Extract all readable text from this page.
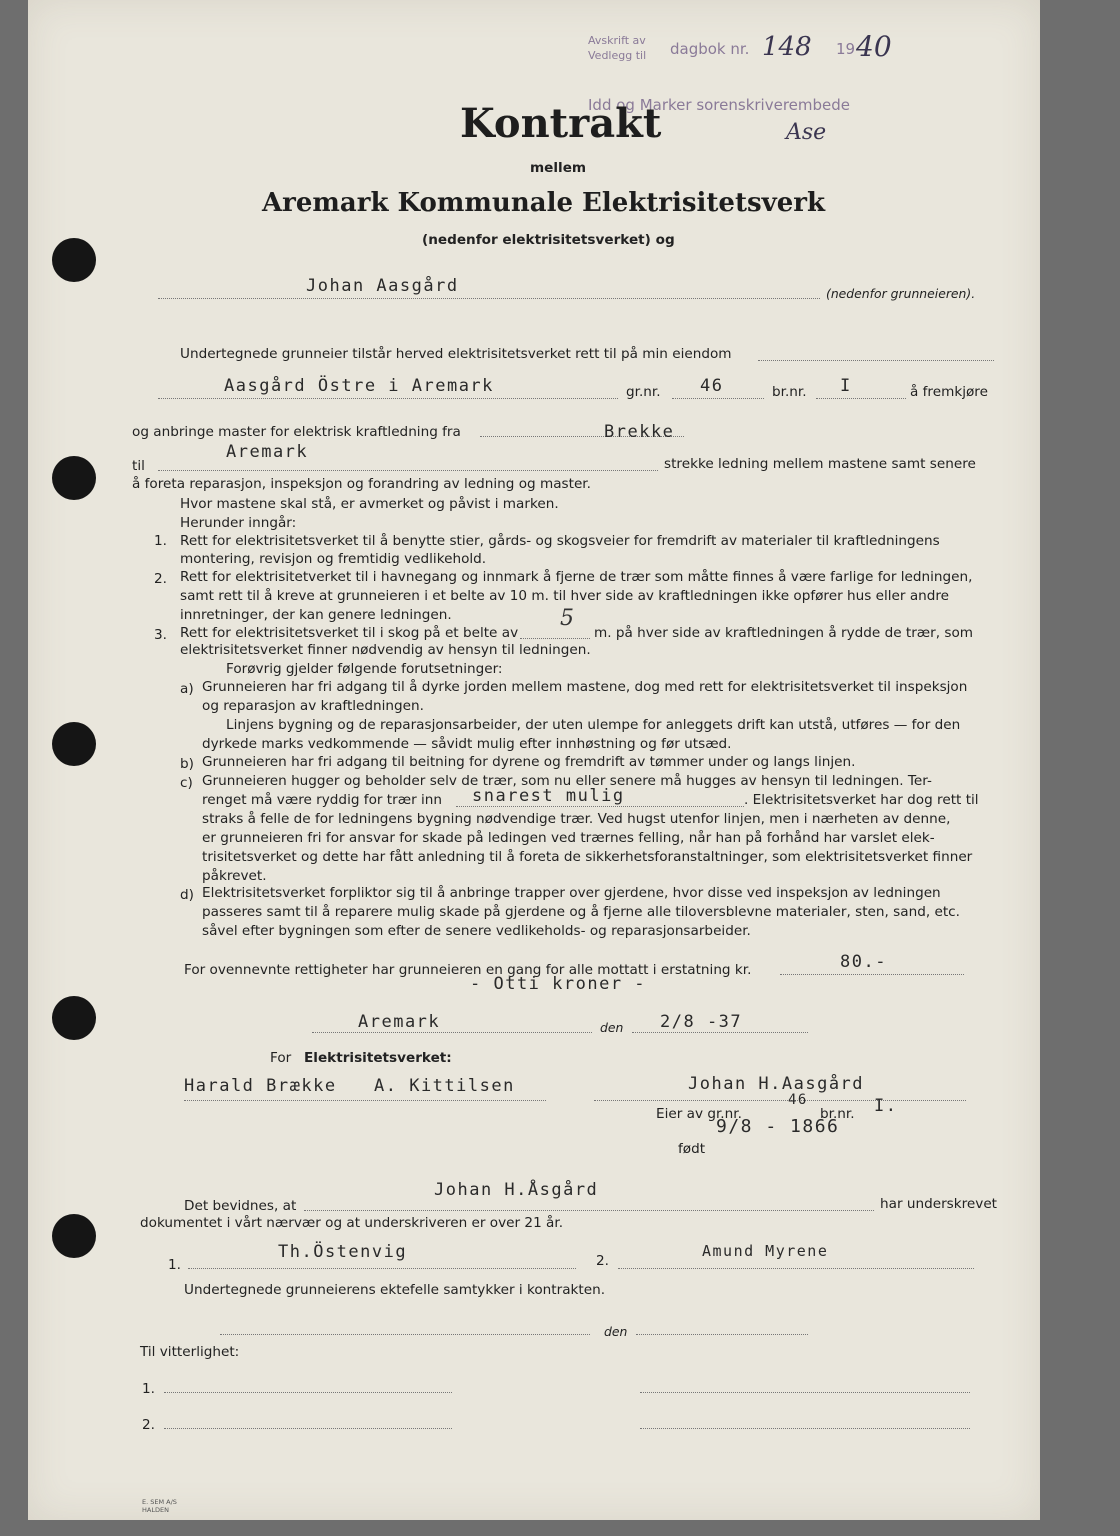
Avskrift av
Vedlegg til dagbok nr. 148 19 40
Idd og Marker sorenskriverembede
Ase
Kontrakt
mellem
Aremark Kommunale Elektrisitetsverk
(nedenfor elektrisitetsverket) og
Johan Aasgård	(nedenfor grunneieren).
Undertegnede grunneier tilstår herved elektrisitetsverket rett til på min eiendom
Aasgård Östre i Aremark	gr.nr. 46	br.nr. I	å fremkjøre
og anbringe master for elektrisk kraftledning fra	Brekke
Aremark
til	strekke ledning mellem mastene samt senere
å foreta reparasjon, inspeksjon og forandring av ledning og master.
Hvor mastene skal stå, er avmerket og påvist i marken.
Herunder inngår:
1. Rett for elektrisitetsverket til å benytte stier, gårds- og skogsveier for fremdrift av materialer til kraftledningens
montering, revisjon og fremtidig vedlikehold.
2. Rett for elektrisitetverket til i havnegang og innmark å fjerne de trær som måtte finnes å være farlige for ledningen,
samt rett til å kreve at grunneieren i et belte av 10 m. til hver side av kraftledningen ikke opfører hus eller andre
innretninger, der kan genere ledningen.
3. Rett for elektrisitetsverket til i skog på et belte av
5
m. på hver side av kraftledningen å rydde de trær, som
elektrisitetsverket finner nødvendig av hensyn til ledningen.
Forøvrig gjelder følgende forutsetninger:
a) Grunneieren har fri adgang til å dyrke jorden mellem mastene, dog med rett for elektrisitetsverket til inspeksjon
og reparasjon av kraftledningen.
Linjens bygning og de reparasjonsarbeider, der uten ulempe for anleggets drift kan utstå, utføres — for den
dyrkede marks vedkommende — såvidt mulig efter innhøstning og før utsæd.
b) Grunneieren har fri adgang til beitning for dyrene og fremdrift av tømmer under og langs linjen.
c) Grunneieren hugger og beholder selv de trær, som nu eller senere må hugges av hensyn til ledningen. Ter-
renget må være ryddig for trær inn snarest mulig	. Elektrisitetsverket har dog rett til
straks å felle de for ledningens bygning nødvendige trær. Ved hugst utenfor linjen, men i nærheten av denne,
er grunneieren fri for ansvar for skade på ledingen ved trærnes felling, når han på forhånd har varslet elek-
trisitetsverket og dette har fått anledning til å foreta de sikkerhetsforanstaltninger, som elektrisitetsverket finner
påkrevet.
d) Elektrisitetsverket forpliktor sig til å anbringe trapper over gjerdene, hvor disse ved inspeksjon av ledningen
passeres samt til å reparere mulig skade på gjerdene og å fjerne alle tiloversblevne materialer, sten, sand, etc.
såvel efter bygningen som efter de senere vedlikeholds- og reparasjonsarbeider.
For ovennevnte rettigheter har grunneieren en gang for alle mottatt i erstatning kr.	80.-
- Otti kroner -
Aremark	den 2/8 -37
For Elektrisitetsverket:
Harald Brække A. Kittilsen	Johan H.Aasgård
Eier av gr.nr.
46
br.nr. I.
9/8 - 1866
født
Det bevidnes, at
Johan H.Åsgård
har underskrevet
dokumentet i vårt nærvær og at underskriveren er over 21 år.
1.
Th.Östenvig	2.
Amund Myrene
Undertegnede grunneierens ektefelle samtykker i kontrakten.
den
Til vitterlighet:
1.
2.
E. SEM A/S
HALDEN
